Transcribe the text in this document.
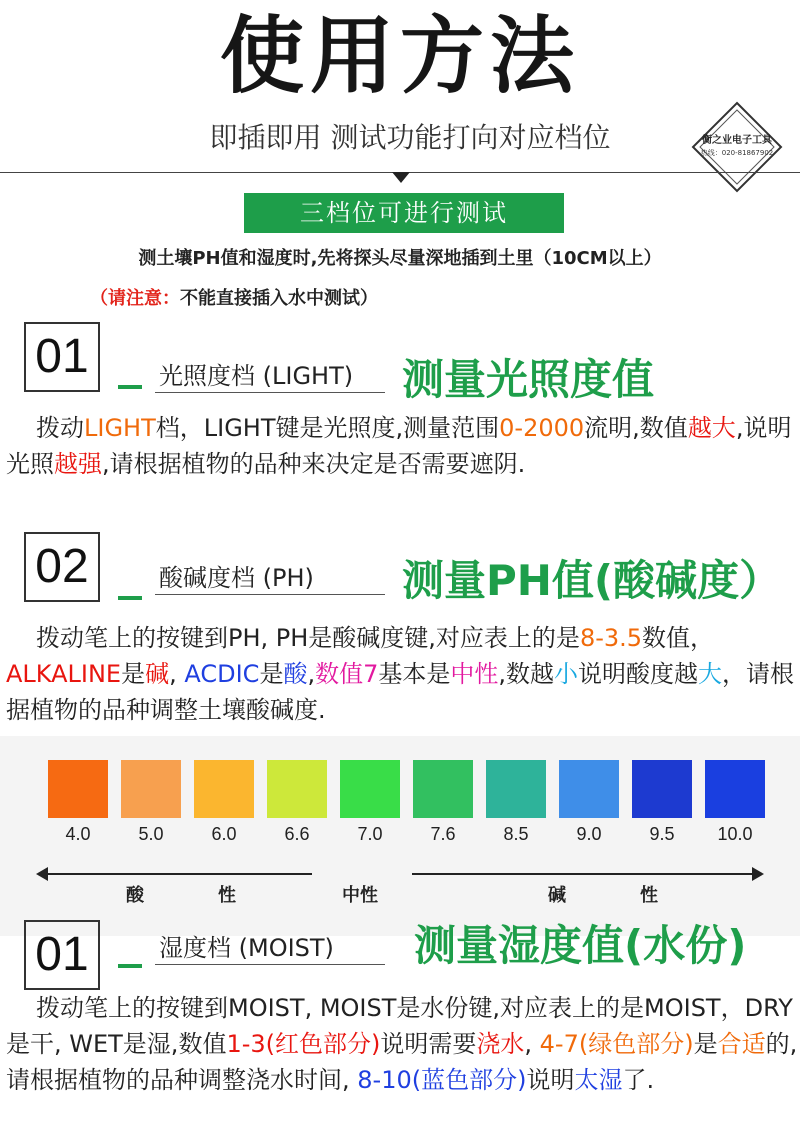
使用方法
即插即用 测试功能打向对应档位	衡之业电子工具
热线：020-81867902
三档位可进行测试
测土壤PH值和湿度时,先将探头尽量深地插到土里（10CM以上）
（请注意：不能直接插入水中测试）
01	光照度档 (LIGHT)	测量光照度值
拨动LIGHT档，LIGHT键是光照度,测量范围0-2000流明,数值越大,说明光照越强,请根据植物的品种来决定是否需要遮阴.
02	酸碱度档 (PH)	测量PH值(酸碱度）
拨动笔上的按键到PH, PH是酸碱度键,对应表上的是8-3.5数值，ALKALINE是碱, ACDIC是酸,数值7基本是中性,数越小说明酸度越大，请根据植物的品种调整土壤酸碱度.
4.0	5.0	6.0	6.6	7.0	7.6	8.5	9.0	9.5	10.0
酸	性	中性	碱	性
01	湿度档 (MOIST)	测量湿度值(水份)
拨动笔上的按键到MOIST, MOIST是水份键,对应表上的是MOIST，DRY是干, WET是湿,数值1-3(红色部分)说明需要浇水, 4-7(绿色部分)是合适的,请根据植物的品种调整浇水时间, 8-10(蓝色部分)说明太湿了.
